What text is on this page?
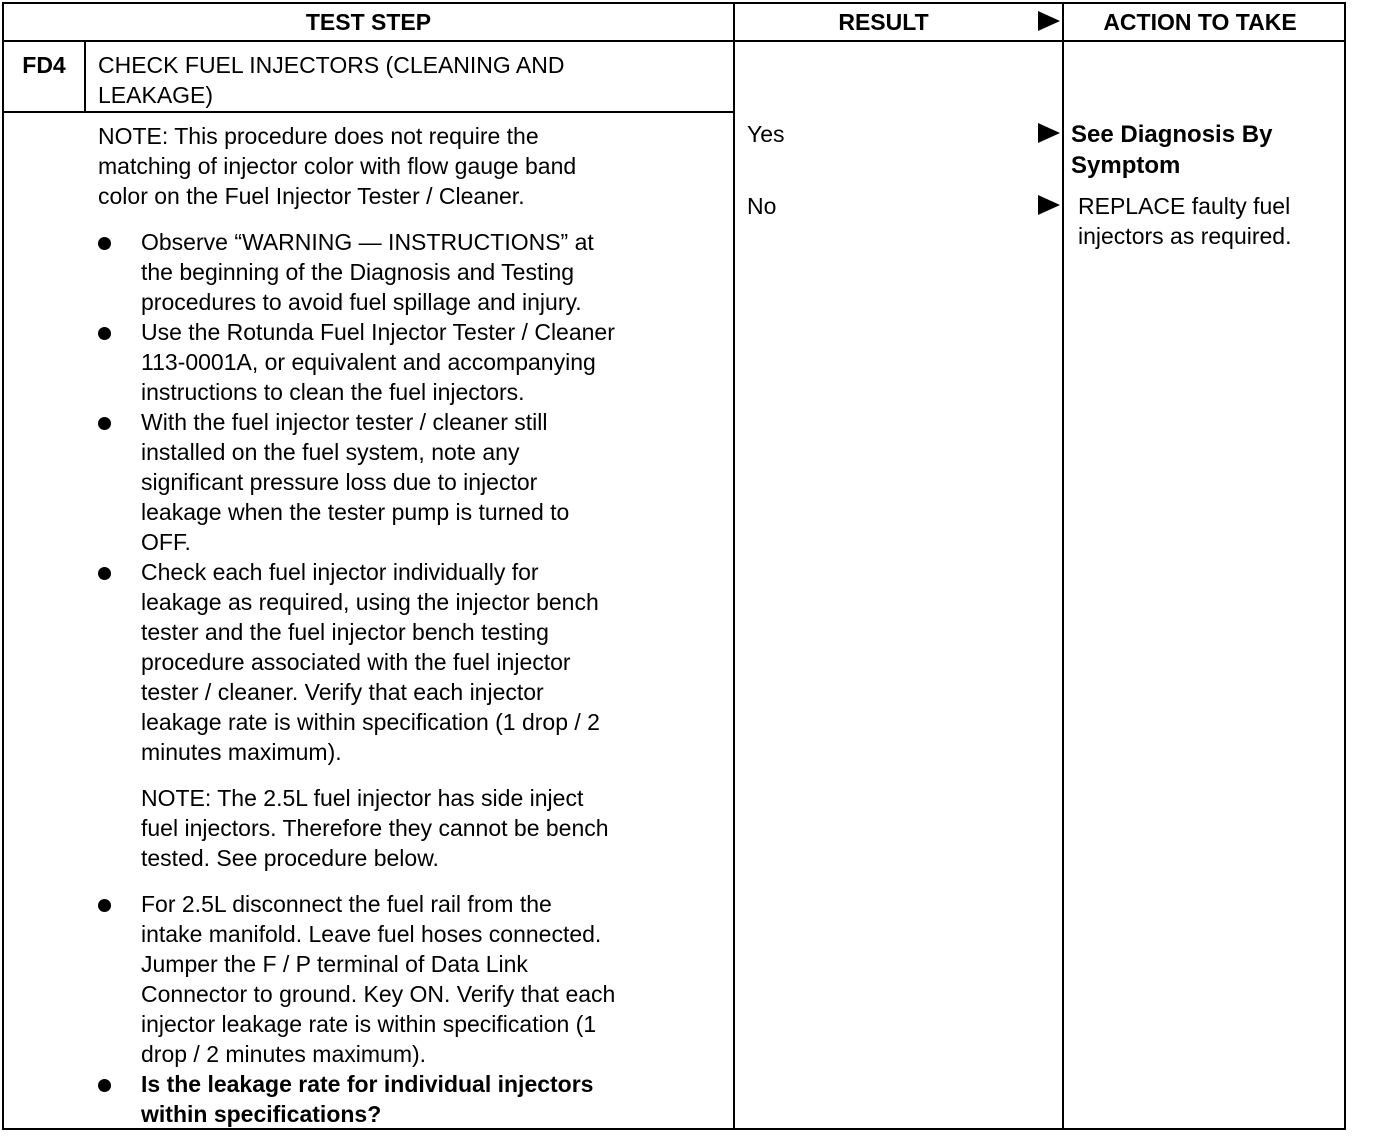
TEST STEP	RESULT	ACTION TO TAKE
FD4	CHECK FUEL INJECTORS (CLEANING AND
LEAKAGE)
NOTE: This procedure does not require the
matching of injector color with flow gauge band
color on the Fuel Injector Tester / Cleaner.
Observe “WARNING — INSTRUCTIONS” at
the beginning of the Diagnosis and Testing
procedures to avoid fuel spillage and injury.
Use the Rotunda Fuel Injector Tester / Cleaner
113-0001A, or equivalent and accompanying
instructions to clean the fuel injectors.
With the fuel injector tester / cleaner still
installed on the fuel system, note any
significant pressure loss due to injector
leakage when the tester pump is turned to
OFF.
Check each fuel injector individually for
leakage as required, using the injector bench
tester and the fuel injector bench testing
procedure associated with the fuel injector
tester / cleaner. Verify that each injector
leakage rate is within specification (1 drop / 2
minutes maximum).
NOTE: The 2.5L fuel injector has side inject
fuel injectors. Therefore they cannot be bench
tested. See procedure below.
For 2.5L disconnect the fuel rail from the
intake manifold. Leave fuel hoses connected.
Jumper the F / P terminal of Data Link
Connector to ground. Key ON. Verify that each
injector leakage rate is within specification (1
drop / 2 minutes maximum).
Is the leakage rate for individual injectors
within specifications?
Yes	See Diagnosis By
Symptom
No	REPLACE faulty fuel
injectors as required.
